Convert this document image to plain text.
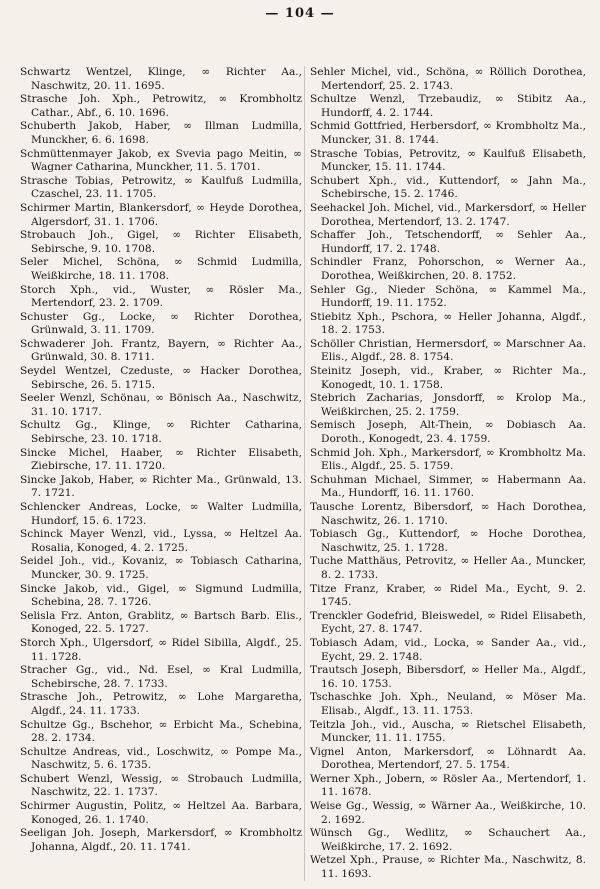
— 104 —

Schwartz Wentzel, Klinge, ∞ Richter Aa., Naschwitz, 20. 11. 1695.

Strasche Joh. Xph., Petrowitz, ∞ Krombholtz Cathar., Abf., 6. 10. 1696.

Schuberth Jakob, Haber, ∞ Illman Ludmilla, Munckher, 6. 6. 1698.

Schmüttenmayer Jakob, ex Svevia pago Meitin, ∞ Wagner Catharina, Munckher, 11. 5. 1701.

Strasche Tobias, Petrowitz, ∞ Kaulfuß Ludmilla, Czaschel, 23. 11. 1705.

Schirmer Martin, Blankersdorf, ∞ Heyde Dorothea, Algersdorf, 31. 1. 1706.

Strobauch Joh., Gigel, ∞ Richter Elisabeth, Sebirsche, 9. 10. 1708.

Seler Michel, Schöna, ∞ Schmid Ludmilla, Weißkirche, 18. 11. 1708.

Storch Xph., vid., Wuster, ∞ Rösler Ma., Mertendorf, 23. 2. 1709.

Schuster Gg., Locke, ∞ Richter Dorothea, Grünwald, 3. 11. 1709.

Schwaderer Joh. Frantz, Bayern, ∞ Richter Aa., Grünwald, 30. 8. 1711.

Seydel Wentzel, Czeduste, ∞ Hacker Dorothea, Sebirsche, 26. 5. 1715.

Seeler Wenzl, Schönau, ∞ Bönisch Aa., Naschwitz, 31. 10. 1717.

Schultz Gg., Klinge, ∞ Richter Catharina, Sebirsche, 23. 10. 1718.

Sincke Michel, Haaber, ∞ Richter Elisabeth, Ziebirsche, 17. 11. 1720.

Sincke Jakob, Haber, ∞ Richter Ma., Grünwald, 13. 7. 1721.

Schlencker Andreas, Locke, ∞ Walter Ludmilla, Hundorf, 15. 6. 1723.

Schinck Mayer Wenzl, vid., Lyssa, ∞ Heltzel Aa. Rosalia, Konoged, 4. 2. 1725.

Seidel Joh., vid., Kovaniz, ∞ Tobiasch Catharina, Muncker, 30. 9. 1725.

Sincke Jakob, vid., Gigel, ∞ Sigmund Ludmilla, Schebina, 28. 7. 1726.

Selisla Frz. Anton, Grablitz, ∞ Bartsch Barb. Elis., Konoged, 22. 5. 1727.

Storch Xph., Ulgersdorf, ∞ Ridel Sibilla, Algdf., 25. 11. 1728.

Stracher Gg., vid., Nd. Esel, ∞ Kral Ludmilla, Schebirsche, 28. 7. 1733.

Strasche Joh., Petrowitz, ∞ Lohe Margaretha, Algdf., 24. 11. 1733.

Schultze Gg., Bschehor, ∞ Erbicht Ma., Schebina, 28. 2. 1734.

Schultze Andreas, vid., Loschwitz, ∞ Pompe Ma., Naschwitz, 5. 6. 1735.

Schubert Wenzl, Wessig, ∞ Strobauch Ludmilla, Naschwitz, 22. 1. 1737.

Schirmer Augustin, Politz, ∞ Heltzel Aa. Barbara, Konoged, 26. 1. 1740.

Seeligan Joh. Joseph, Markersdorf, ∞ Krombholtz Johanna, Algdf., 20. 11. 1741.

Sehler Michel, vid., Schöna, ∞ Röllich Dorothea, Mertendorf, 25. 2. 1743.

Schultze Wenzl, Trzebaudiz, ∞ Stibitz Aa., Hundorff, 4. 2. 1744.

Schmid Gottfried, Herbersdorf, ∞ Krombholtz Ma., Muncker, 31. 8. 1744.

Strasche Tobias, Petrovitz, ∞ Kaulfuß Elisabeth, Muncker, 15. 11. 1744.

Schubert Xph., vid., Kuttendorf, ∞ Jahn Ma., Schebirsche, 15. 2. 1746.

Seehackel Joh. Michel, vid., Markersdorf, ∞ Heller Dorothea, Mertendorf, 13. 2. 1747.

Schaffer Joh., Tetschendorff, ∞ Sehler Aa., Hundorff, 17. 2. 1748.

Schindler Franz, Pohorschon, ∞ Werner Aa., Dorothea, Weißkirchen, 20. 8. 1752.

Sehler Gg., Nieder Schöna, ∞ Kammel Ma., Hundorff, 19. 11. 1752.

Stiebitz Xph., Pschora, ∞ Heller Johanna, Algdf., 18. 2. 1753.

Schöller Christian, Hermersdorf, ∞ Marschner Aa. Elis., Algdf., 28. 8. 1754.

Steinitz Joseph, vid., Kraber, ∞ Richter Ma., Konogedt, 10. 1. 1758.

Stebrich Zacharias, Jonsdorff, ∞ Krolop Ma., Weißkirchen, 25. 2. 1759.

Semisch Joseph, Alt-Thein, ∞ Dobiasch Aa. Doroth., Konogedt, 23. 4. 1759.

Schmid Joh. Xph., Markersdorf, ∞ Krombholtz Ma. Elis., Algdf., 25. 5. 1759.

Schuhman Michael, Simmer, ∞ Habermann Aa. Ma., Hundorff, 16. 11. 1760.

Tausche Lorentz, Bibersdorf, ∞ Hach Dorothea, Naschwitz, 26. 1. 1710.

Tobiasch Gg., Kuttendorf, ∞ Hoche Dorothea, Naschwitz, 25. 1. 1728.

Tuche Matthäus, Petrovitz, ∞ Heller Aa., Muncker, 8. 2. 1733.

Titze Franz, Kraber, ∞ Ridel Ma., Eycht, 9. 2. 1745.

Trenckler Godefrid, Bleiswedel, ∞ Ridel Elisabeth, Eycht, 27. 8. 1747.

Tobiasch Adam, vid., Locka, ∞ Sander Aa., vid., Eycht, 29. 2. 1748.

Trautsch Joseph, Bibersdorf, ∞ Heller Ma., Algdf., 16. 10. 1753.

Tschaschke Joh. Xph., Neuland, ∞ Möser Ma. Elisab., Algdf., 13. 11. 1753.

Teitzla Joh., vid., Auscha, ∞ Rietschel Elisabeth, Muncker, 11. 11. 1755.

Vignel Anton, Markersdorf, ∞ Löhnardt Aa. Dorothea, Mertendorf, 27. 5. 1754.

Werner Xph., Jobern, ∞ Rösler Aa., Mertendorf, 1. 11. 1678.

Weise Gg., Wessig, ∞ Wärner Aa., Weißkirche, 10. 2. 1692.

Wünsch Gg., Wedlitz, ∞ Schauchert Aa., Weißkirche, 17. 2. 1692.

Wetzel Xph., Prause, ∞ Richter Ma., Naschwitz, 8. 11. 1693.
